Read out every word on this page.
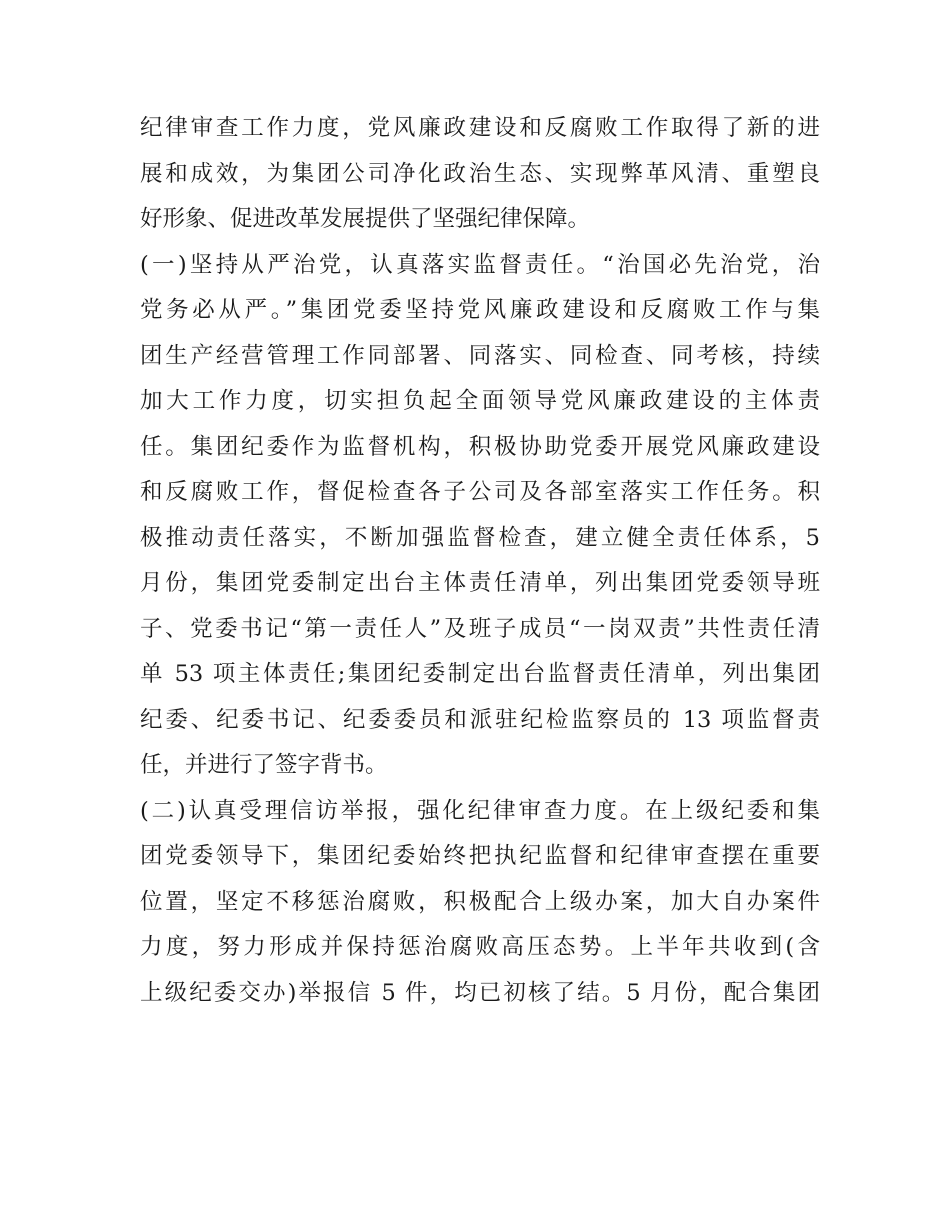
纪律审查工作力度，党风廉政建设和反腐败工作取得了新的进
展和成效，为集团公司净化政治生态、实现弊革风清、重塑良
好形象、促进改革发展提供了坚强纪律保障。
(一)坚持从严治党，认真落实监督责任。“治国必先治党，治
党务必从严。”集团党委坚持党风廉政建设和反腐败工作与集
团生产经营管理工作同部署、同落实、同检查、同考核，持续
加大工作力度，切实担负起全面领导党风廉政建设的主体责
任。集团纪委作为监督机构，积极协助党委开展党风廉政建设
和反腐败工作，督促检查各子公司及各部室落实工作任务。积
极推动责任落实，不断加强监督检查，建立健全责任体系，5
月份，集团党委制定出台主体责任清单，列出集团党委领导班
子、党委书记“第一责任人”及班子成员“一岗双责”共性责任清
单 53 项主体责任;集团纪委制定出台监督责任清单，列出集团
纪委、纪委书记、纪委委员和派驻纪检监察员的 13 项监督责
任，并进行了签字背书。
(二)认真受理信访举报，强化纪律审查力度。在上级纪委和集
团党委领导下，集团纪委始终把执纪监督和纪律审查摆在重要
位置，坚定不移惩治腐败，积极配合上级办案，加大自办案件
力度，努力形成并保持惩治腐败高压态势。上半年共收到(含
上级纪委交办)举报信 5 件，均已初核了结。5 月份，配合集团
